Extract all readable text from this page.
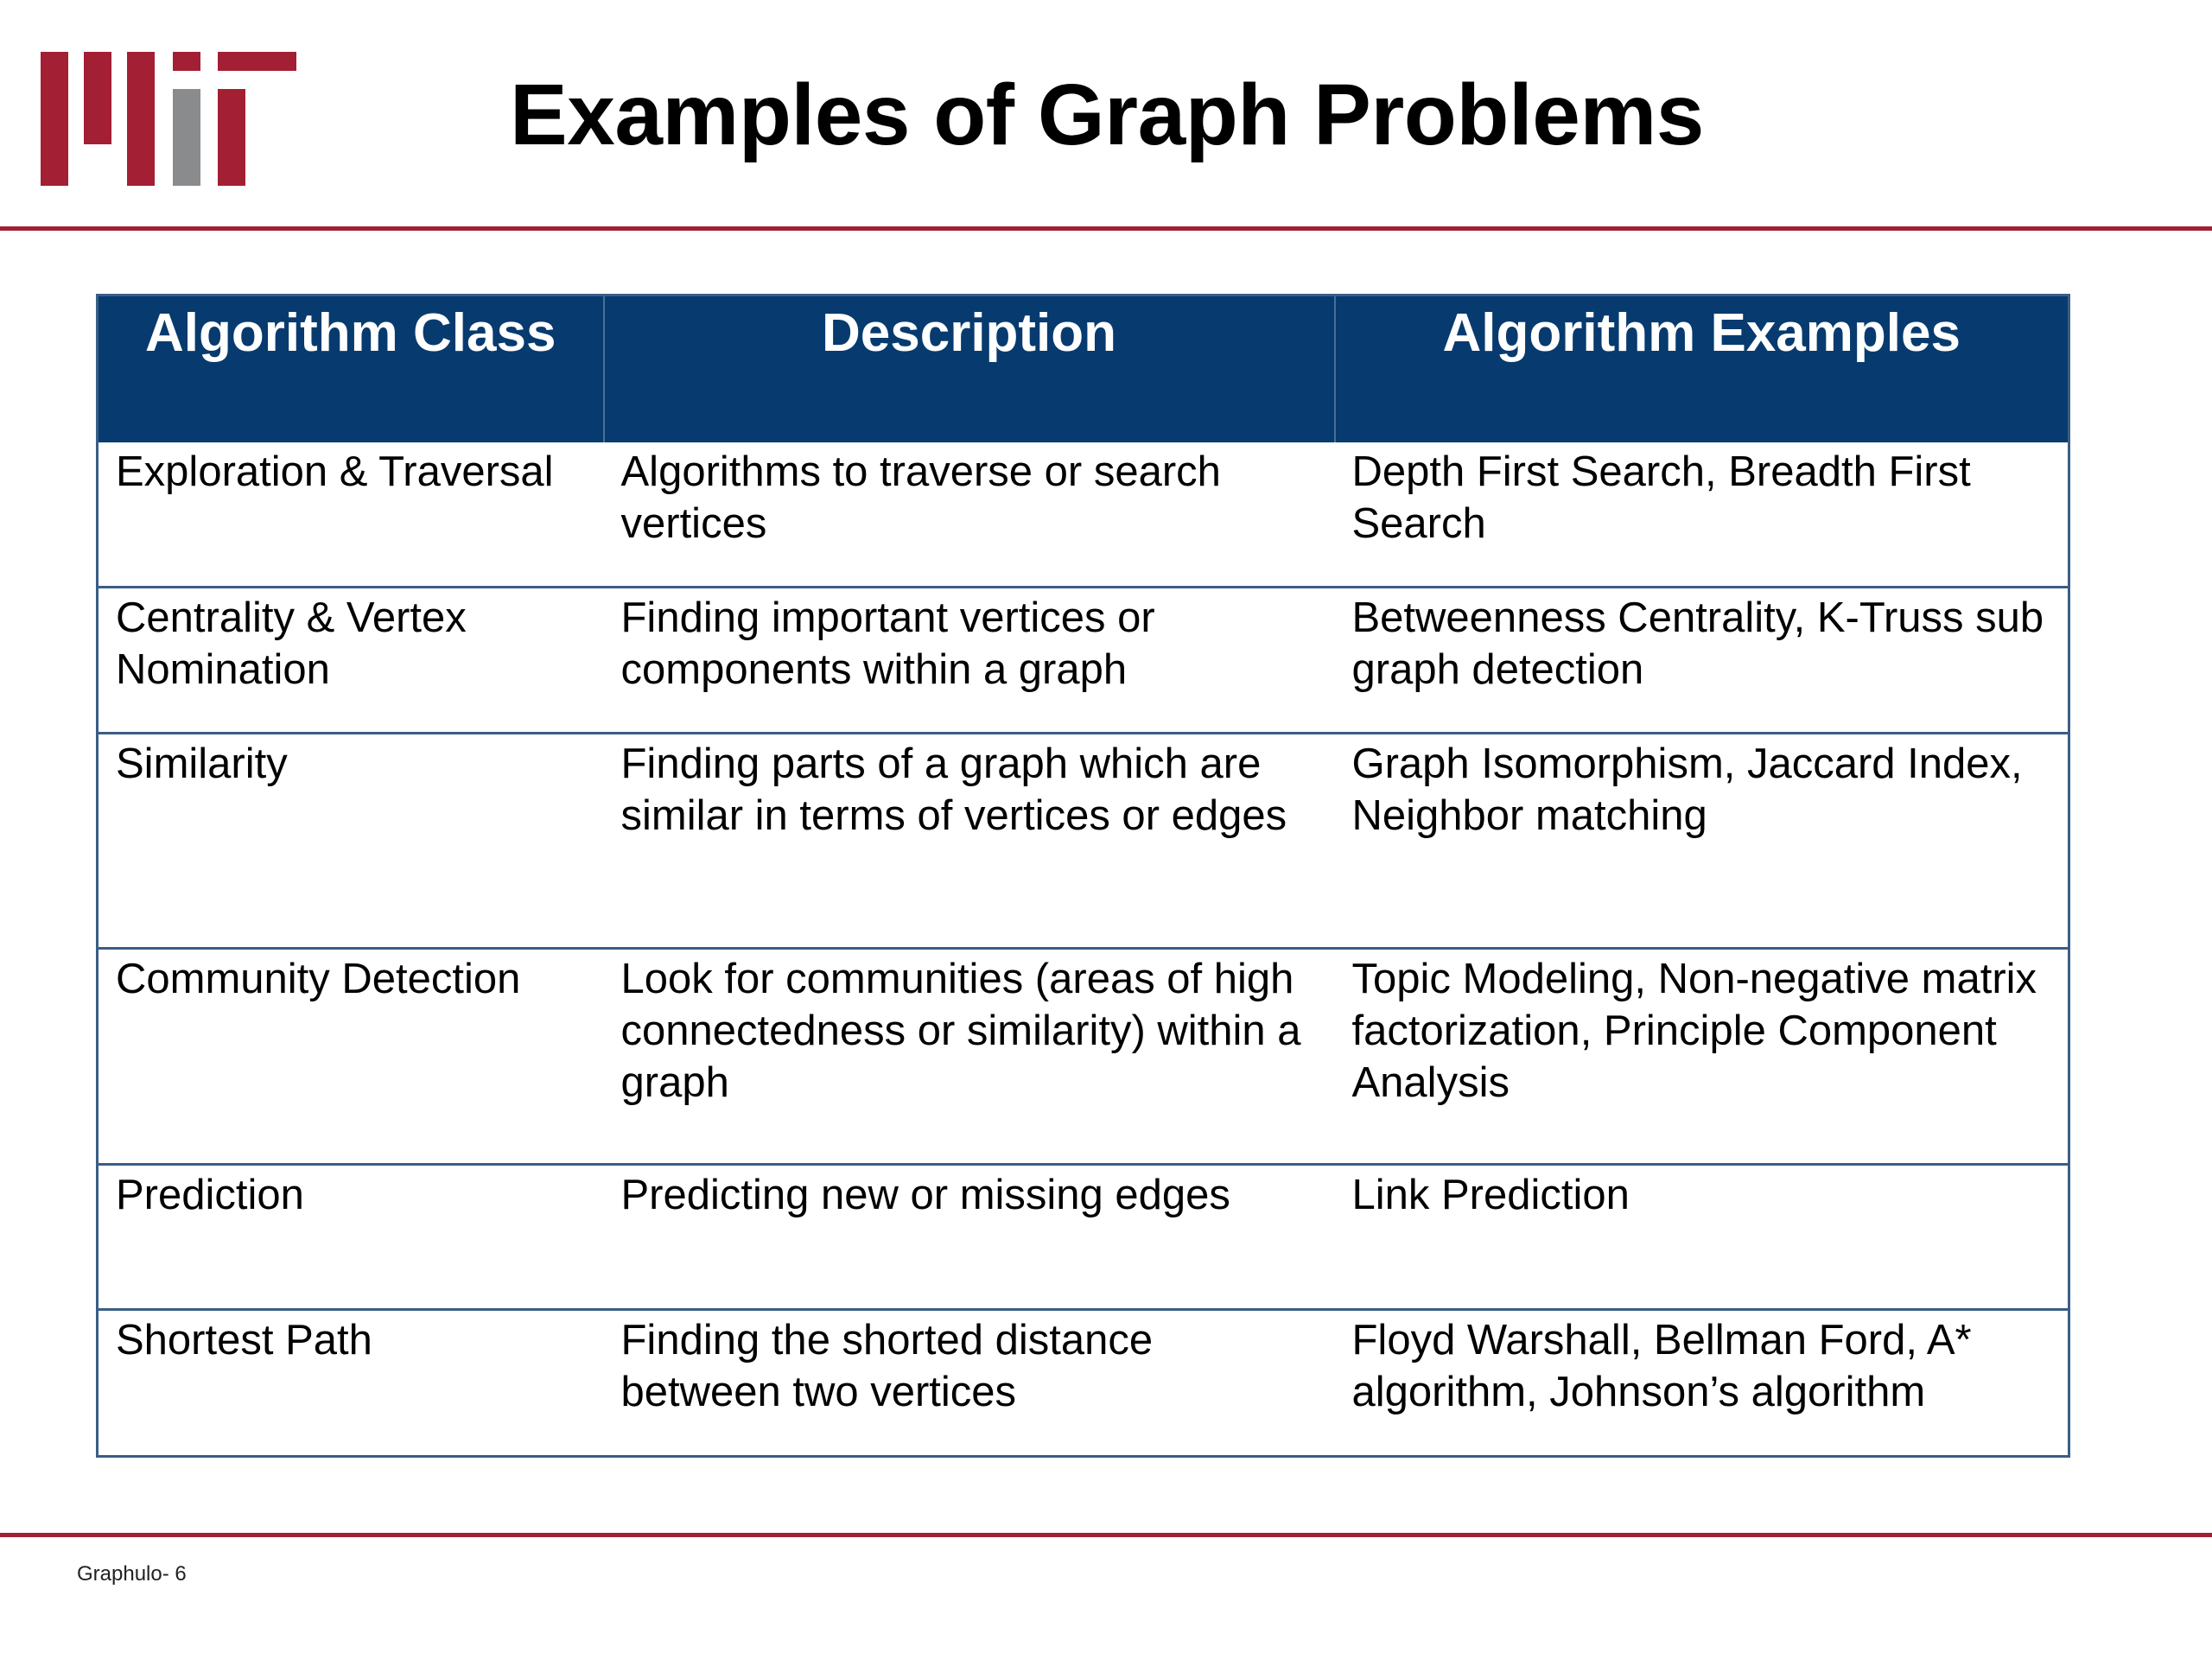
Examples of Graph Problems
Algorithm Class	Description	Algorithm Examples
Exploration & Traversal	Algorithms to traverse or search vertices	Depth First Search, Breadth First Search
Centrality & Vertex Nomination	Finding important vertices or components within a graph	Betweenness Centrality, K-Truss sub graph detection
Similarity	Finding parts of a graph which are similar in terms of vertices or edges	Graph Isomorphism, Jaccard Index, Neighbor matching
Community Detection	Look for communities (areas of high connectedness or similarity) within a graph	Topic Modeling, Non-negative matrix factorization, Principle Component Analysis
Prediction	Predicting new or missing edges	Link Prediction
Shortest Path	Finding the shorted distance between two vertices	Floyd Warshall, Bellman Ford, A* algorithm, Johnson’s algorithm
Graphulo- 6
